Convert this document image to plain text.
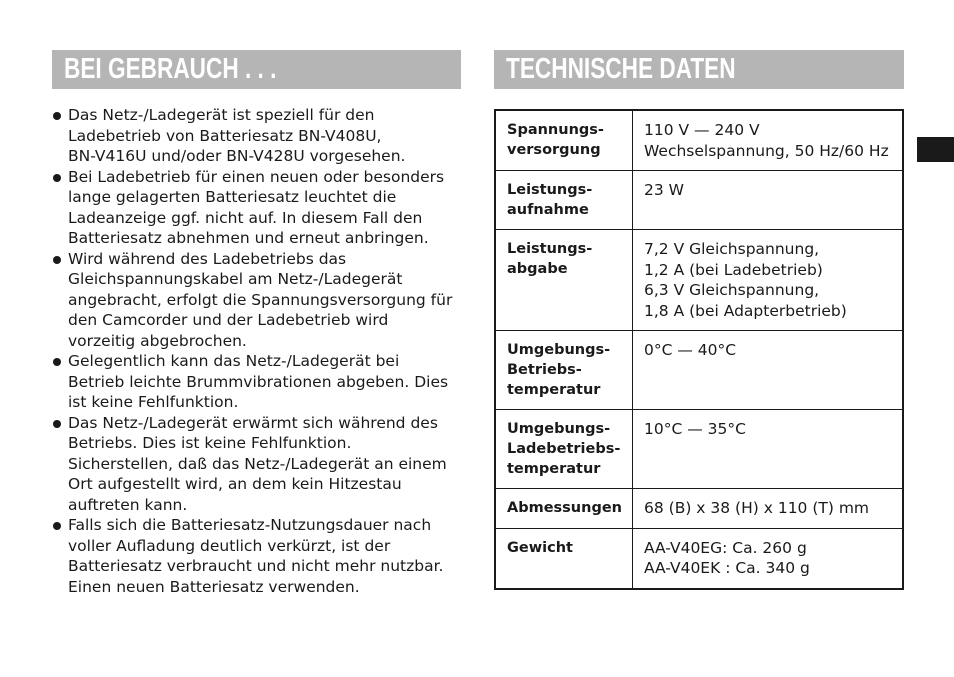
BEI GEBRAUCH . . .	TECHNISCHE DATEN
Das Netz-/Ladegerät ist speziell für den
Ladebetrieb von Batteriesatz BN-V408U,
BN-V416U und/oder BN-V428U vorgesehen.
Bei Ladebetrieb für einen neuen oder besonders
lange gelagerten Batteriesatz leuchtet die
Ladeanzeige ggf. nicht auf. In diesem Fall den
Batteriesatz abnehmen und erneut anbringen.
Wird während des Ladebetriebs das
Gleichspannungskabel am Netz-/Ladegerät
angebracht, erfolgt die Spannungsversorgung für
den Camcorder und der Ladebetrieb wird
vorzeitig abgebrochen.
Gelegentlich kann das Netz-/Ladegerät bei
Betrieb leichte Brummvibrationen abgeben. Dies
ist keine Fehlfunktion.
Das Netz-/Ladegerät erwärmt sich während des
Betriebs. Dies ist keine Fehlfunktion.
Sicherstellen, daß das Netz-/Ladegerät an einem
Ort aufgestellt wird, an dem kein Hitzestau
auftreten kann.
Falls sich die Batteriesatz-Nutzungsdauer nach
voller Aufladung deutlich verkürzt, ist der
Batteriesatz verbraucht und nicht mehr nutzbar.
Einen neuen Batteriesatz verwenden.
Spannungs-
versorgung	110 V — 240 V
Wechselspannung, 50 Hz/60 Hz

Leistungs-
aufnahme	23 W

Leistungs-
abgabe	7,2 V Gleichspannung,
1,2 A (bei Ladebetrieb)
6,3 V Gleichspannung,
1,8 A (bei Adapterbetrieb)

Umgebungs-
Betriebs-
temperatur	0°C — 40°C

Umgebungs-
Ladebetriebs-
temperatur	10°C — 35°C

Abmessungen	68 (B) x 38 (H) x 110 (T) mm

Gewicht	AA-V40EG: Ca. 260 g
AA-V40EK : Ca. 340 g
